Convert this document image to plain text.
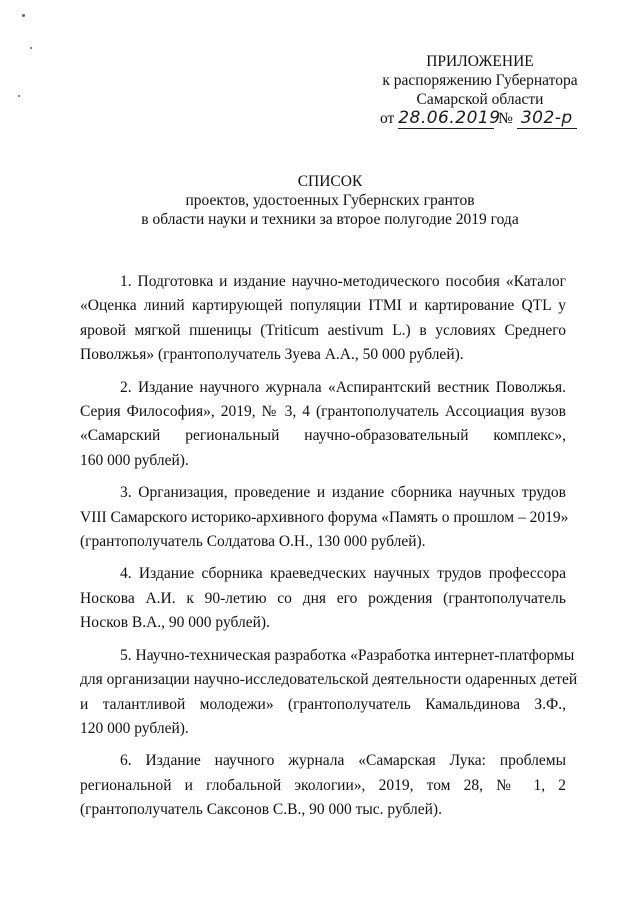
ПРИЛОЖЕНИЕ
к распоряжению Губернатора
Самарской области
от 28.06.2019 № 302-р
СПИСОК
проектов, удостоенных Губернских грантов
в области науки и техники за второе полугодие 2019 года
1. Подготовка и издание научно-методического пособия «Каталог
«Оценка линий картирующей популяции ITMI и картирование QTL у
яровой мягкой пшеницы (Triticum aestivum L.) в условиях Среднего
Поволжья» (грантополучатель Зуева А.А., 50 000 рублей).
2. Издание научного журнала «Аспирантский вестник Поволжья.
Серия Философия», 2019, № 3, 4 (грантополучатель Ассоциация вузов
«Самарский региональный научно-образовательный комплекс»,
160 000 рублей).
3. Организация, проведение и издание сборника научных трудов
VIII Самарского историко-архивного форума «Память о прошлом – 2019»
(грантополучатель Солдатова О.Н., 130 000 рублей).
4. Издание сборника краеведческих научных трудов профессора
Носкова А.И. к 90-летию со дня его рождения (грантополучатель
Носков В.А., 90 000 рублей).
5. Научно-техническая разработка «Разработка интернет-платформы
для организации научно-исследовательской деятельности одаренных детей
и талантливой молодежи» (грантополучатель Камальдинова З.Ф.,
120 000 рублей).
6. Издание научного журнала «Самарская Лука: проблемы
региональной и глобальной экологии», 2019, том 28, № 1, 2
(грантополучатель Саксонов С.В., 90 000 тыс. рублей).
